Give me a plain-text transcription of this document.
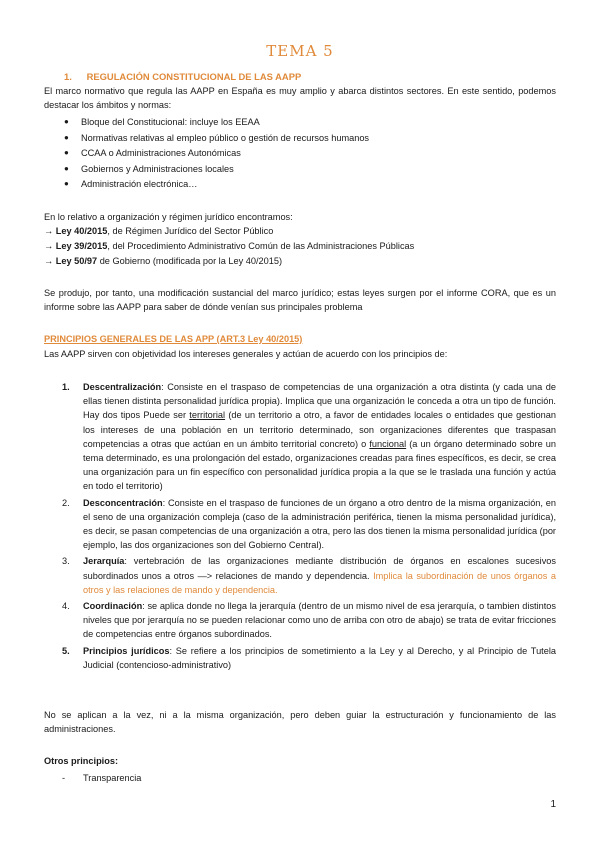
TEMA 5
1. REGULACIÓN CONSTITUCIONAL DE LAS AAPP

El marco normativo que regula las AAPP en España es muy amplio y abarca distintos sectores. En este sentido, podemos destacar los ámbitos y normas:

● Bloque del Constitucional: incluye los EEAA
● Normativas relativas al empleo público o gestión de recursos humanos
● CCAA o Administraciones Autonómicas
● Gobiernos y Administraciones locales
● Administración electrónica…

En lo relativo a organización y régimen jurídico encontramos:

→ Ley 40/2015, de Régimen Jurídico del Sector Público
→ Ley 39/2015, del Procedimiento Administrativo Común de las Administraciones Públicas
→ Ley 50/97 de Gobierno (modificada por la Ley 40/2015)

Se produjo, por tanto, una modificación sustancial del marco jurídico; estas leyes surgen por el informe CORA, que es un informe sobre las AAPP para saber de dónde venían sus principales problema

PRINCIPIOS GENERALES DE LAS APP (ART.3 Ley 40/2015)

Las AAPP sirven con objetividad los intereses generales y actúan de acuerdo con los principios de:

1. Descentralización: Consiste en el traspaso de competencias de una organización a otra distinta (y cada una de ellas tienen distinta personalidad jurídica propia). Implica que una organización le conceda a otra un tipo de función. Hay dos tipos Puede ser territorial (de un territorio a otro, a favor de entidades locales o entidades que gestionan los intereses de una población en un territorio determinado, son organizaciones diferentes que traspasan competencias a otras que actúan en un ámbito territorial concreto) o funcional (a un órgano determinado sobre un tema determinado, es una prolongación del estado, organizaciones creadas para fines específicos, es decir, se crea una organización para un fin específico con personalidad jurídica propia a la que se le traslada una función y actúa en todo el territorio)
2. Desconcentración: Consiste en el traspaso de funciones de un órgano a otro dentro de la misma organización, en el seno de una organización compleja (caso de la administración periférica, tienen la misma personalidad jurídica), es decir, se pasan competencias de una organización a otra, pero las dos tienen la misma personalidad jurídica (por ejemplo, las dos organizaciones son del Gobierno Central).
3. Jerarquía: vertebración de las organizaciones mediante distribución de órganos en escalones sucesivos subordinados unos a otros —> relaciones de mando y dependencia. Implica la subordinación de unos órganos a otros y las relaciones de mando y dependencia.
4. Coordinación: se aplica donde no llega la jerarquía (dentro de un mismo nivel de esa jerarquía, o tambien distintos niveles que por jerarquía no se pueden relacionar como uno de arriba con otro de abajo) se trata de evitar fricciones de competencias entre órganos subordinados.
5. Principios jurídicos: Se refiere a los principios de sometimiento a la Ley y al Derecho, y al Principio de Tutela Judicial (contencioso-administrativo)

No se aplican a la vez, ni a la misma organización, pero deben guiar la estructuración y funcionamiento de las administraciones.

Otros principios:
- Transparencia
1
